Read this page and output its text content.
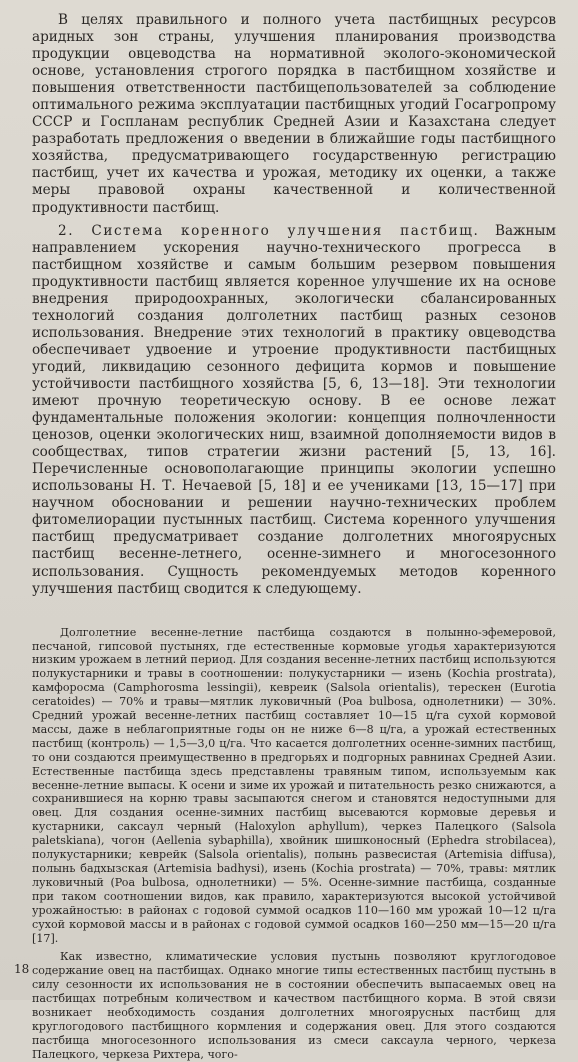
В целях правильного и полного учета пастбищных ресурсов аридных зон страны, улучшения планирования производства продукции овцеводства на нормативной эколого-экономической основе, установления строгого порядка в пастбищном хозяйстве и повышения ответственности пастбищепользователей за соблюдение оптимального режима эксплуатации пастбищных угодий Госагропрому СССР и Госпланам республик Средней Азии и Казахстана следует разработать предложения о введении в ближайшие годы пастбищного хозяйства, предусматривающего государственную регистрацию пастбищ, учет их качества и урожая, методику их оценки, а также меры правовой охраны качественной и количественной продуктивности пастбищ.

2. Система коренного улучшения пастбищ. Важным направлением ускорения научно-технического прогресса в пастбищном хозяйстве и самым большим резервом повышения продуктивности пастбищ является коренное улучшение их на основе внедрения природоохранных, экологически сбалансированных технологий создания долголетних пастбищ разных сезонов использования. Внедрение этих технологий в практику овцеводства обеспечивает удвоение и утроение продуктивности пастбищных угодий, ликвидацию сезонного дефицита кормов и повышение устойчивости пастбищного хозяйства [5, 6, 13—18]. Эти технологии имеют прочную теоретическую основу. В ее основе лежат фундаментальные положения экологии: концепция полночленности ценозов, оценки экологических ниш, взаимной дополняемости видов в сообществах, типов стратегии жизни растений [5, 13, 16]. Перечисленные основополагающие принципы экологии успешно использованы Н. Т. Нечаевой [5, 18] и ее учениками [13, 15—17] при научном обосновании и решении научно-технических проблем фитомелиорации пустынных пастбищ. Система коренного улучшения пастбищ предусматривает создание долголетних многоярусных пастбищ весенне-летнего, осенне-зимнего и многосезонного использования. Сущность рекомендуемых методов коренного улучшения пастбищ сводится к следующему.

Долголетние весенне-летние пастбища создаются в полынно-эфемеровой, песчаной, гипсовой пустынях, где естественные кормовые угодья характеризуются низким урожаем в летний период. Для создания весенне-летних пастбищ используются полукустарники и травы в соотношении: полукустарники — изень (Kochia prostrata), камфоросма (Camphorosma lessingii), кевреик (Salsola orientalis), терескен (Eurotia ceratoides) — 70% и травы—мятлик луковичный (Poa bulbosa, однолетники) — 30%. Средний урожай весенне-летних пастбищ составляет 10—15 ц/га сухой кормовой массы, даже в неблагоприятные годы он не ниже 6—8 ц/га, а урожай естественных пастбищ (контроль) — 1,5—3,0 ц/га. Что касается долголетних осенне-зимних пастбищ, то они создаются преимущественно в предгорьях и подгорных равнинах Средней Азии. Естественные пастбища здесь представлены травяным типом, используемым как весенне-летние выпасы. К осени и зиме их урожай и питательность резко снижаются, а сохранившиеся на корню травы засыпаются снегом и становятся недоступными для овец. Для создания осенне-зимних пастбищ высеваются кормовые деревья и кустарники, саксаул черный (Haloxylon aphyllum), черкез Палецкого (Salsola paletskiana), чогон (Aellenia sybaphilla), хвойник шишконосный (Ephedra strobilacea), полукустарники; кеврейк (Salsola orientalis), полынь развесистая (Artemisia diffusa), полынь бадхызская (Artemisia badhysi), изень (Kochia prostrata) — 70%, травы: мятлик луковичный (Poa bulbosa, однолетники) — 5%. Осенне-зимние пастбища, созданные при таком соотношении видов, как правило, характеризуются высокой устойчивой урожайностью: в районах с годовой суммой осадков 110—160 мм урожай 10—12 ц/га сухой кормовой массы и в районах с годовой суммой осадков 160—250 мм—15—20 ц/га [17].

Как известно, климатические условия пустынь позволяют круглогодовое содержание овец на пастбищах. Однако многие типы естественных пастбищ пустынь в силу сезонности их использования не в состоянии обеспечить выпасаемых овец на пастбищах потребным количеством и качеством пастбищного корма. В этой связи возникает необходимость создания долголетних многоярусных пастбищ для круглогодового пастбищного кормления и содержания овец. Для этого создаются пастбища многосезонного использования из смеси саксаула черного, черкеза Палецкого, черкеза Рихтера, чого-

18
